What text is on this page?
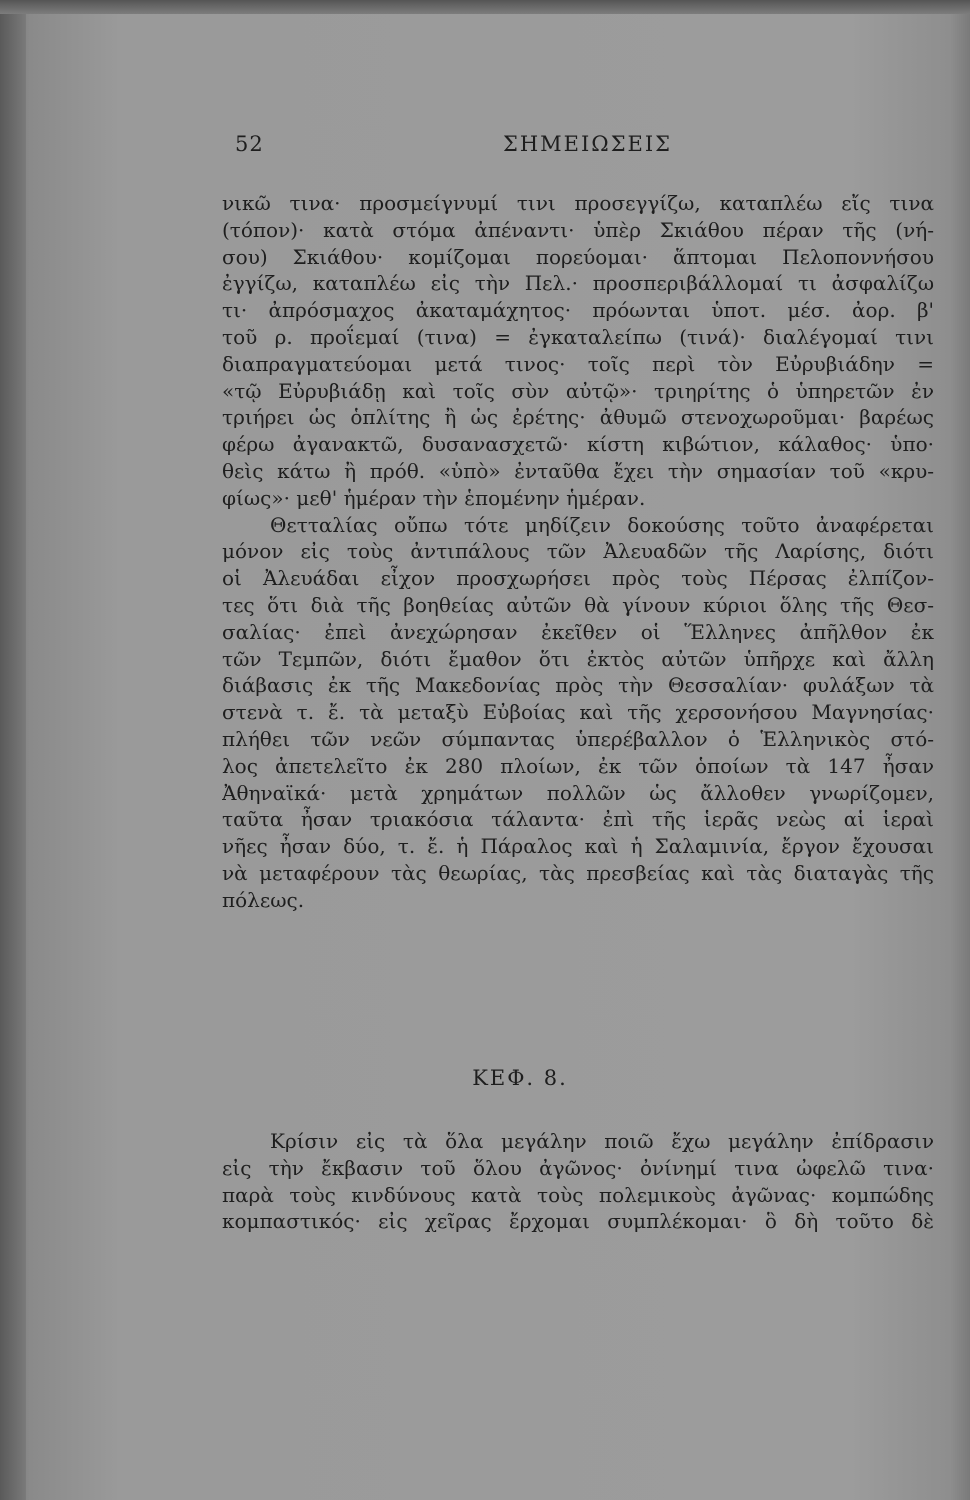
52	ΣΗΜΕΙΩΣΕΙΣ
νικῶ τινα· προσμείγνυμί τινι προσεγγίζω, καταπλέω εἴς τινα
(τόπον)· κατὰ στόμα ἀπέναντι· ὑπὲρ Σκιάθου πέραν τῆς (νή-
σου) Σκιάθου· κομίζομαι πορεύομαι· ἅπτομαι Πελοποννήσου
ἐγγίζω, καταπλέω εἰς τὴν Πελ.· προσπεριβάλλομαί τι ἀσφαλίζω
τι· ἀπρόσμαχος ἀκαταμάχητος· πρόωνται ὑποτ. μέσ. ἀορ. β'
τοῦ ρ. προΐεμαί (τινα) = ἐγκαταλείπω (τινά)· διαλέγομαί τινι
διαπραγματεύομαι μετά τινος· τοῖς περὶ τὸν Εὐρυβιάδην =
«τῷ Εὐρυβιάδῃ καὶ τοῖς σὺν αὐτῷ»· τριηρίτης ὁ ὑπηρετῶν ἐν
τριήρει ὡς ὁπλίτης ἢ ὡς ἐρέτης· ἀθυμῶ στενοχωροῦμαι· βαρέως
φέρω ἀγανακτῶ, δυσανασχετῶ· κίστη κιβώτιον, κάλαθος· ὑπο·
θεὶς κάτω ἢ πρόθ. «ὑπὸ» ἐνταῦθα ἔχει τὴν σημασίαν τοῦ «κρυ-
φίως»· μεθ' ἡμέραν τὴν ἑπομένην ἡμέραν.
Θετταλίας οὔπω τότε μηδίζειν δοκούσης τοῦτο ἀναφέρεται
μόνον εἰς τοὺς ἀντιπάλους τῶν Ἀλευαδῶν τῆς Λαρίσης, διότι
οἱ Ἀλευάδαι εἶχον προσχωρήσει πρὸς τοὺς Πέρσας ἐλπίζον-
τες ὅτι διὰ τῆς βοηθείας αὐτῶν θὰ γίνουν κύριοι ὅλης τῆς Θεσ-
σαλίας· ἐπεὶ ἀνεχώρησαν ἐκεῖθεν οἱ Ἕλληνες ἀπῆλθον ἐκ
τῶν Τεμπῶν, διότι ἔμαθον ὅτι ἐκτὸς αὐτῶν ὑπῆρχε καὶ ἄλλη
διάβασις ἐκ τῆς Μακεδονίας πρὸς τὴν Θεσσαλίαν· φυλάξων τὰ
στενὰ τ. ἔ. τὰ μεταξὺ Εὐβοίας καὶ τῆς χερσονήσου Μαγνησίας·
πλήθει τῶν νεῶν σύμπαντας ὑπερέβαλλον ὁ Ἑλληνικὸς στό-
λος ἀπετελεῖτο ἐκ 280 πλοίων, ἐκ τῶν ὁποίων τὰ 147 ἦσαν
Ἀθηναϊκά· μετὰ χρημάτων πολλῶν ὡς ἄλλοθεν γνωρίζομεν,
ταῦτα ἦσαν τριακόσια τάλαντα· ἐπὶ τῆς ἱερᾶς νεὼς αἱ ἱεραὶ
νῆες ἦσαν δύο, τ. ἔ. ἡ Πάραλος καὶ ἡ Σαλαμινία, ἔργον ἔχουσαι
νὰ μεταφέρουν τὰς θεωρίας, τὰς πρεσβείας καὶ τὰς διαταγὰς τῆς
πόλεως.
ΚΕΦ. 8.
Κρίσιν εἰς τὰ ὅλα μεγάλην ποιῶ ἔχω μεγάλην ἐπίδρασιν
εἰς τὴν ἔκβασιν τοῦ ὅλου ἀγῶνος· ὀνίνημί τινα ὠφελῶ τινα·
παρὰ τοὺς κινδύνους κατὰ τοὺς πολεμικοὺς ἀγῶνας· κομπώδης
κομπαστικός· εἰς χεῖρας ἔρχομαι συμπλέκομαι· ὃ δὴ τοῦτο δὲ
